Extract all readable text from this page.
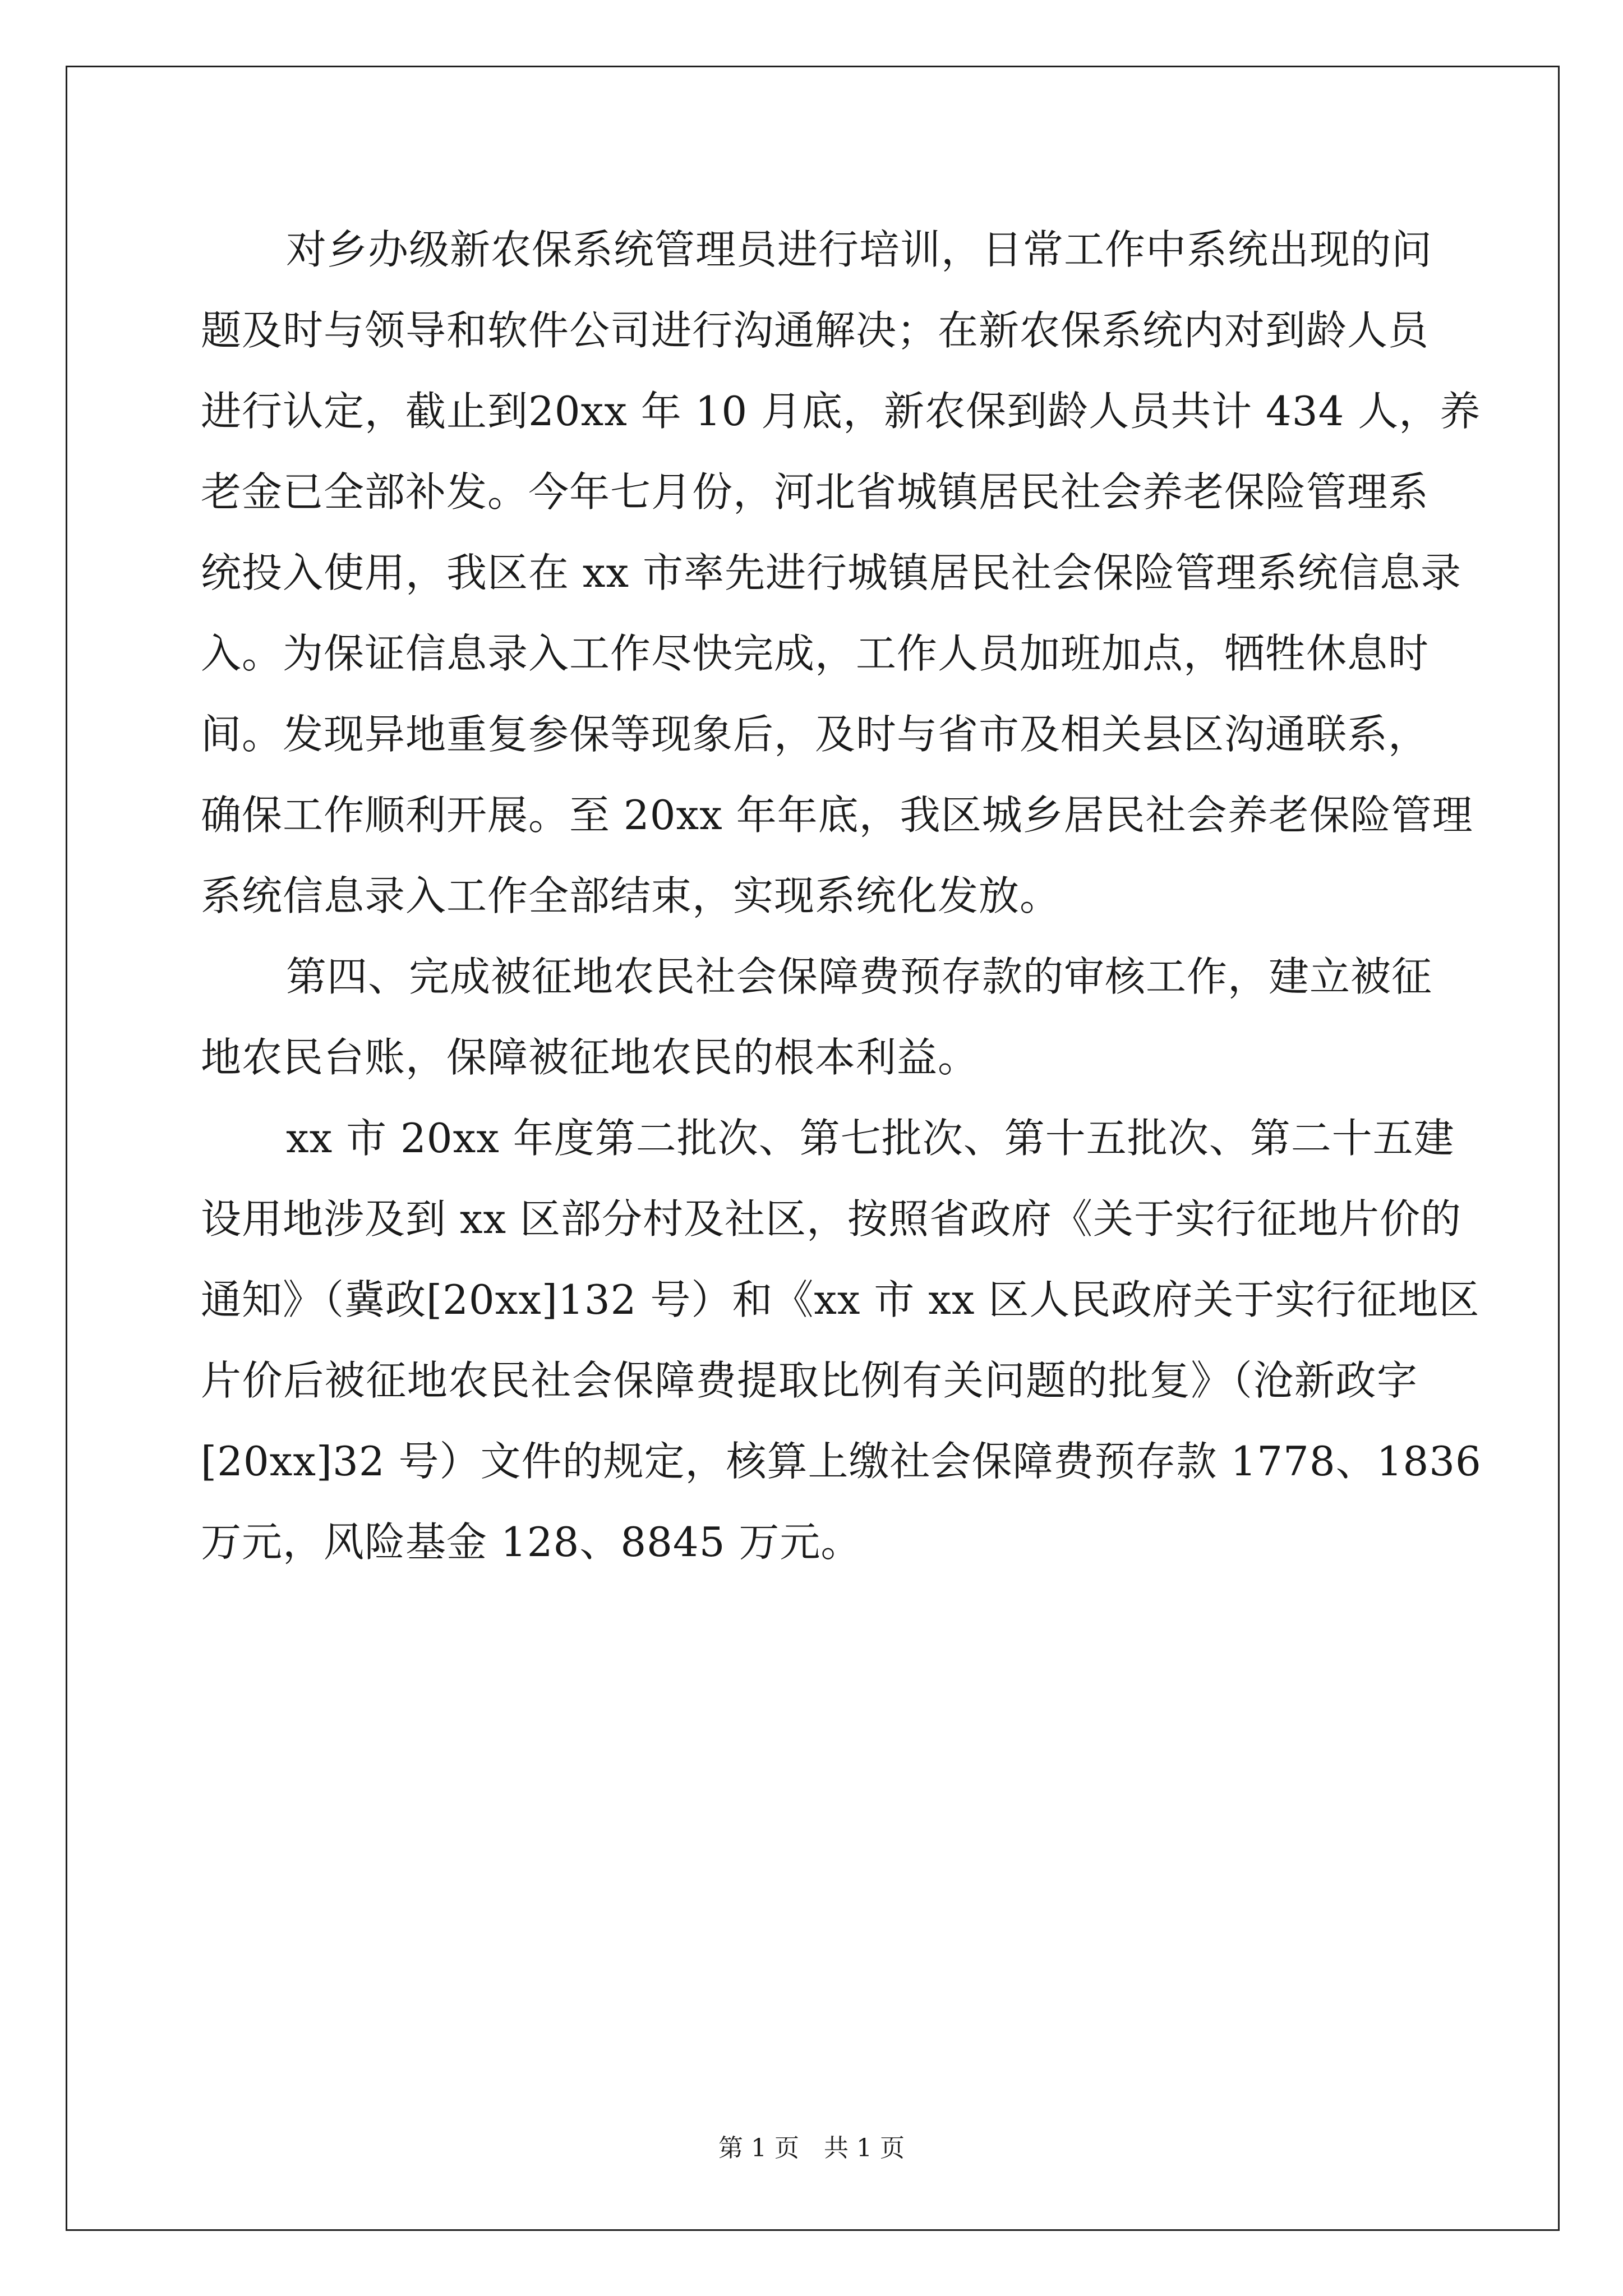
对乡办级新农保系统管理员进行培训，日常工作中系统出现的问
题及时与领导和软件公司进行沟通解决；在新农保系统内对到龄人员
进行认定，截止到20xx 年 10 月底，新农保到龄人员共计 434 人，养
老金已全部补发。今年七月份，河北省城镇居民社会养老保险管理系
统投入使用，我区在 xx 市率先进行城镇居民社会保险管理系统信息录
入。为保证信息录入工作尽快完成，工作人员加班加点，牺牲休息时
间。发现异地重复参保等现象后，及时与省市及相关县区沟通联系，
确保工作顺利开展。至 20xx 年年底，我区城乡居民社会养老保险管理
系统信息录入工作全部结束，实现系统化发放。
第四、完成被征地农民社会保障费预存款的审核工作，建立被征
地农民台账，保障被征地农民的根本利益。
xx 市 20xx 年度第二批次、第七批次、第十五批次、第二十五建
设用地涉及到 xx 区部分村及社区，按照省政府《关于实行征地片价的
通知》（冀政[20xx]132 号）和《xx 市 xx 区人民政府关于实行征地区
片价后被征地农民社会保障费提取比例有关问题的批复》（沧新政字
[20xx]32 号）文件的规定，核算上缴社会保障费预存款 1778、1836
万元，风险基金 128、8845 万元。
第 1 页　共 1 页
